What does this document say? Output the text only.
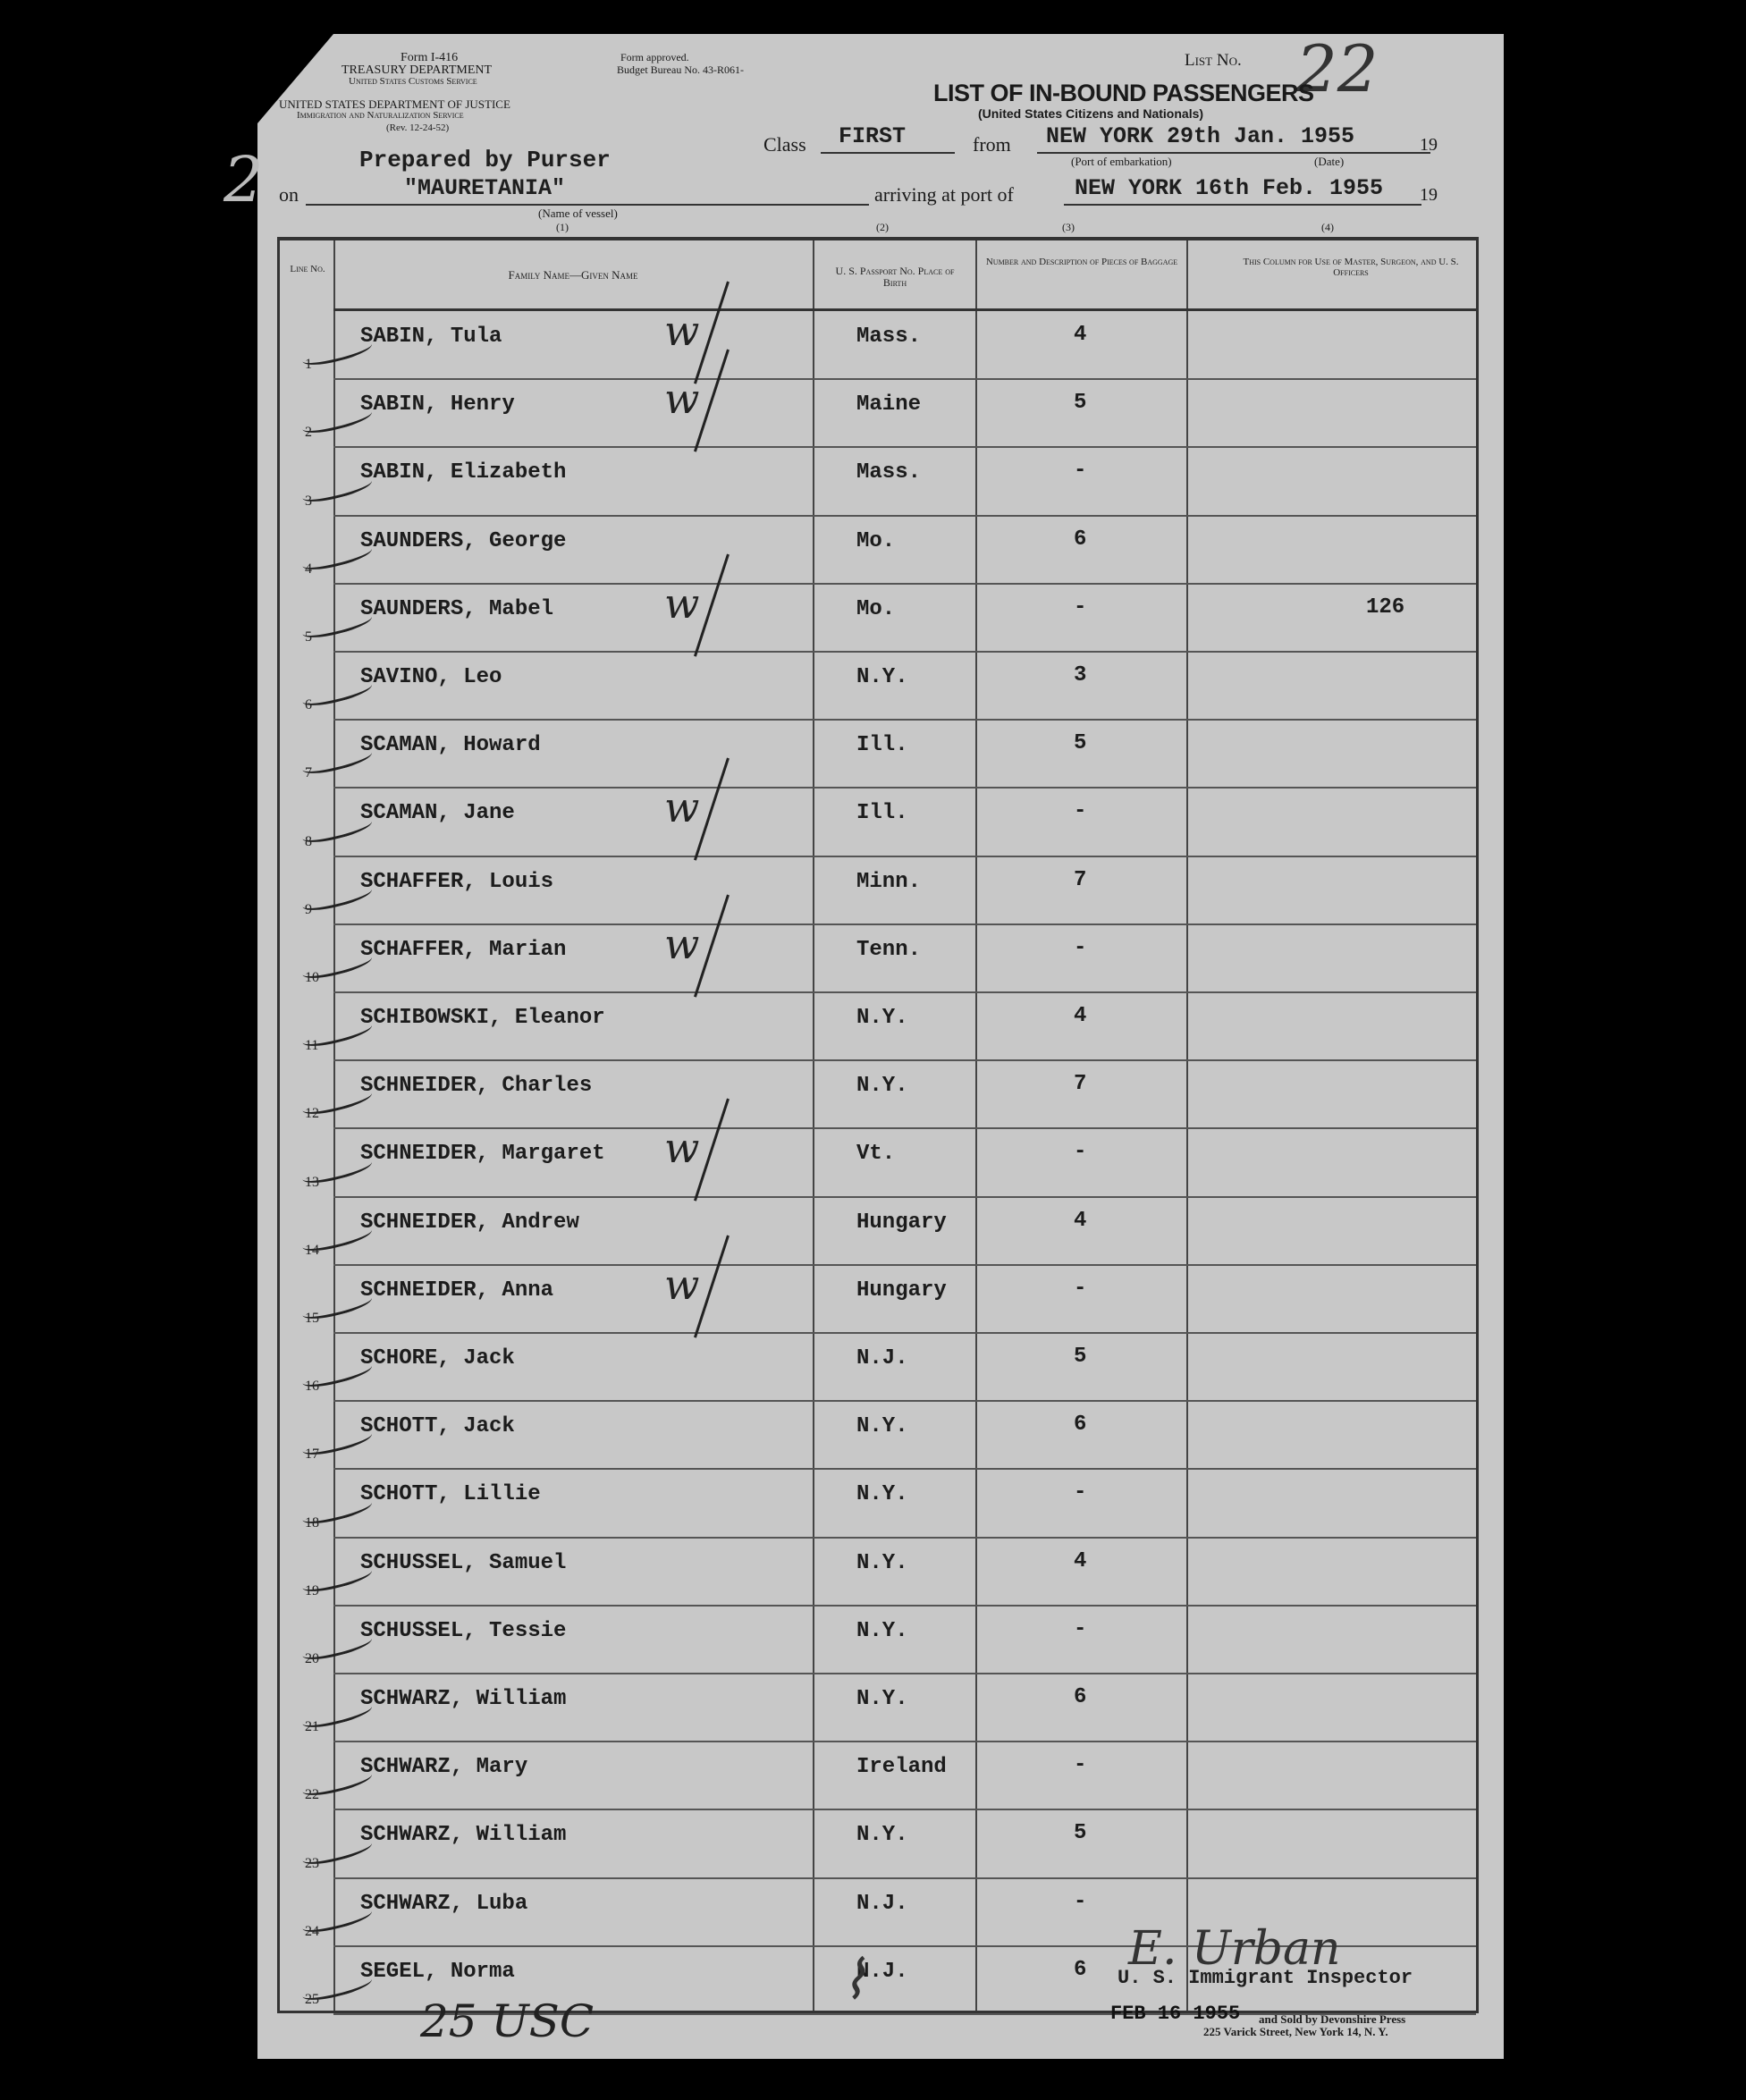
Form I-416
TREASURY DEPARTMENT
United States Customs Service
UNITED STATES DEPARTMENT OF JUSTICE
Immigration and Naturalization Service
(Rev. 12-24-52)
Form approved.
Budget Bureau No. 43-R061-	List No. 22
LIST OF IN-BOUND PASSENGERS
(United States Citizens and Nationals)
Class FIRST	from NEW YORK 29th Jan. 1955	19
(Port of embarkation)	(Date)
Prepared by Purser
on	"MAURETANIA"
(Name of vessel)
(1)
arriving at port of	NEW YORK 16th Feb. 1955 19
(2)	(3)	(4)
2
Line No.	Family Name—Given Name	U. S. Passport No. Place of Birth
Number and Description of Pieces of Baggage	This Column for Use of Master, Surgeon, and U. S. Officers
1
SABIN, Tula	Mass.	4
w
2
SABIN, Henry	Maine	5
w
3
SABIN, Elizabeth	Mass.	-
4
SAUNDERS, George	Mo.	6
5
SAUNDERS, Mabel	Mo.	-	126
w
6
SAVINO, Leo	N.Y.	3
7
SCAMAN, Howard	Ill.	5
8
SCAMAN, Jane	Ill.	-
w
9
SCHAFFER, Louis	Minn.	7
10
SCHAFFER, Marian	Tenn.	-
w
11
SCHIBOWSKI, Eleanor	N.Y.	4
12
SCHNEIDER, Charles	N.Y.	7
13
SCHNEIDER, Margaret	Vt.	-
w
14
SCHNEIDER, Andrew	Hungary	4
15
SCHNEIDER, Anna	Hungary	-
w
16
SCHORE, Jack	N.J.	5
17
SCHOTT, Jack	N.Y.	6
18
SCHOTT, Lillie	N.Y.	-
19
SCHUSSEL, Samuel	N.Y.	4
20
SCHUSSEL, Tessie	N.Y.	-
21
SCHWARZ, William	N.Y.	6
22
SCHWARZ, Mary	Ireland	-
23
SCHWARZ, William	N.Y.	5
24
SCHWARZ, Luba	N.J.	-
25
SEGEL, Norma	N.J.	6 E. Urban
U. S. Immigrant Inspector
FEB 16 1955 and Sold by Devonshire Press
225 Varick Street, New York 14, N. Y.
25 USC
⌇
